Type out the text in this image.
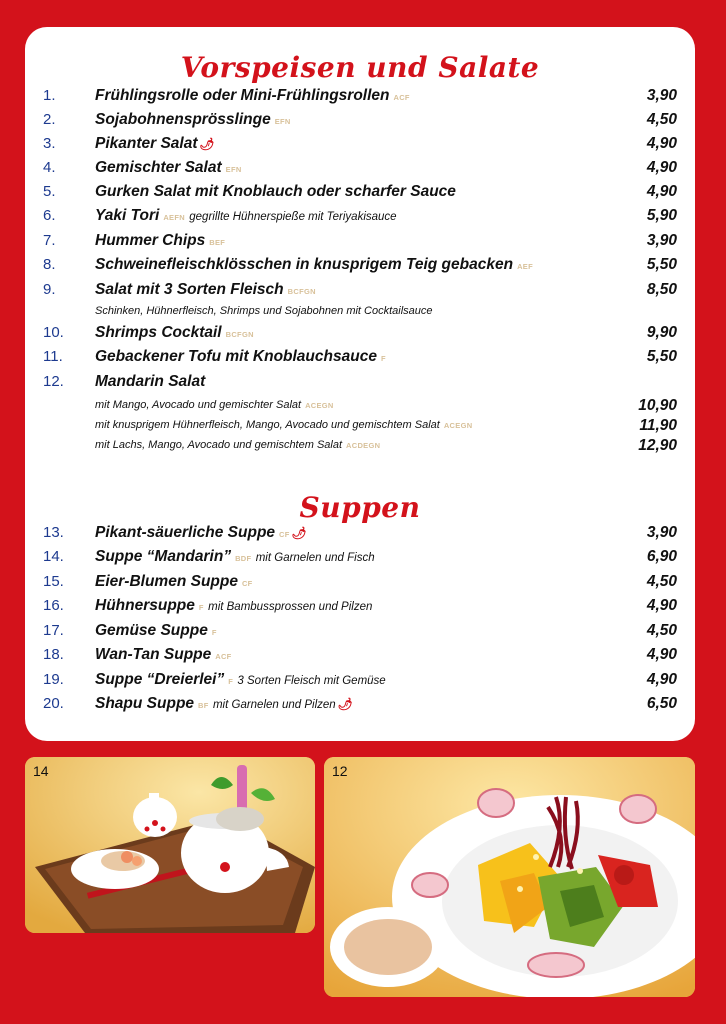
Vorspeisen und Salate
1.	Frühlingsrolle oder Mini-Frühlingsrollen ACF	3,90
2.	Sojabohnensprösslinge EFN	4,50
3.	Pikanter Salat 🌶	4,90
4.	Gemischter Salat EFN	4,90
5.	Gurken Salat mit Knoblauch oder scharfer Sauce	4,90
6.	Yaki Tori AEFN gegrillte Hühnerspieße mit Teriyakisauce	5,90
7.	Hummer Chips BEF	3,90
8.	Schweinefleischklösschen in knusprigem Teig gebacken AEF	5,50
9.	Salat mit 3 Sorten Fleisch BCFGN	8,50
10. Shrimps Cocktail BCFGN	9,90
11. Gebackener Tofu mit Knoblauchsauce F	5,50
12. Mandarin Salat
Schinken, Hühnerfleisch, Shrimps und Sojabohnen mit Cocktailsauce
mit Mango, Avocado und gemischter Salat ACEGN	10,90
mit knusprigem Hühnerfleisch, Mango, Avocado und gemischtem Salat ACEGN	11,90
mit Lachs, Mango, Avocado und gemischtem Salat ACDEGN	12,90
Suppen
13. Pikant-säuerliche Suppe CF 🌶	3,90
14. Suppe “Mandarin” BDF mit Garnelen und Fisch	6,90
15. Eier-Blumen Suppe CF	4,50
16. Hühnersuppe F mit Bambussprossen und Pilzen	4,90
17. Gemüse Suppe F	4,50
18. Wan-Tan Suppe ACF	4,90
19. Suppe “Dreierlei” F 3 Sorten Fleisch mit Gemüse	4,90
20. Shapu Suppe BF mit Garnelen und Pilzen 🌶	6,50
14	12
